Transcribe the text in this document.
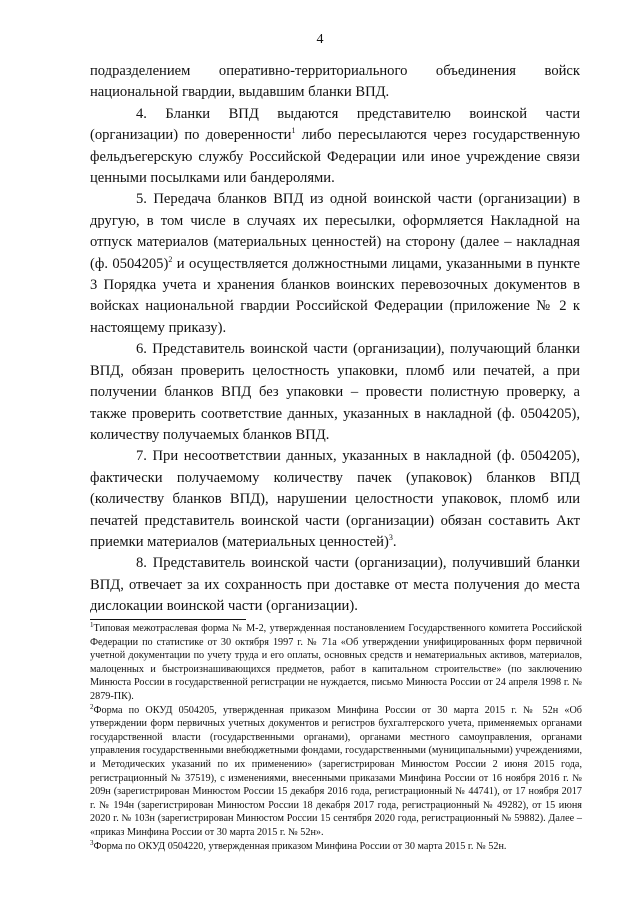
4

подразделением оперативно-территориального объединения войск национальной гвардии, выдавшим бланки ВПД.

4. Бланки ВПД выдаются представителю воинской части (организации) по доверенности$^1$ либо пересылаются через государственную фельдъегерскую службу Российской Федерации или иное учреждение связи ценными посылками или бандеролями.

5. Передача бланков ВПД из одной воинской части (организации) в другую, в том числе в случаях их пересылки, оформляется Накладной на отпуск материалов (материальных ценностей) на сторону (далее – накладная (ф. 0504205)$^2$ и осуществляется должностными лицами, указанными в пункте 3 Порядка учета и хранения бланков воинских перевозочных документов в войсках национальной гвардии Российской Федерации (приложение № 2 к настоящему приказу).

6. Представитель воинской части (организации), получающий бланки ВПД, обязан проверить целостность упаковки, пломб или печатей, а при получении бланков ВПД без упаковки – провести полистную проверку, а также проверить соответствие данных, указанных в накладной (ф. 0504205), количеству получаемых бланков ВПД.

7. При несоответствии данных, указанных в накладной (ф. 0504205), фактически получаемому количеству пачек (упаковок) бланков ВПД (количеству бланков ВПД), нарушении целостности упаковок, пломб или печатей представитель воинской части (организации) обязан составить Акт приемки материалов (материальных ценностей)$^3$.

8. Представитель воинской части (организации), получивший бланки ВПД, отвечает за их сохранность при доставке от места получения до места дислокации воинской части (организации).

$^1$Типовая межотраслевая форма № М-2, утвержденная постановлением Государственного комитета Российской Федерации по статистике от 30 октября 1997 г. № 71а «Об утверждении унифицированных форм первичной учетной документации по учету труда и его оплаты, основных средств и нематериальных активов, материалов, малоценных и быстроизнашивающихся предметов, работ в капитальном строительстве» (по заключению Минюста России в государственной регистрации не нуждается, письмо Минюста России от 24 апреля 1998 г. № 2879-ПК).

$^2$Форма по ОКУД 0504205, утвержденная приказом Минфина России от 30 марта 2015 г. № 52н «Об утверждении форм первичных учетных документов и регистров бухгалтерского учета, применяемых органами государственной власти (государственными органами), органами местного самоуправления, органами управления государственными внебюджетными фондами, государственными (муниципальными) учреждениями, и Методических указаний по их применению» (зарегистрирован Минюстом России 2 июня 2015 года, регистрационный № 37519), с изменениями, внесенными приказами Минфина России от 16 ноября 2016 г. № 209н (зарегистрирован Минюстом России 15 декабря 2016 года, регистрационный № 44741), от 17 ноября 2017 г. № 194н (зарегистрирован Минюстом России 18 декабря 2017 года, регистрационный № 49282), от 15 июня 2020 г. № 103н (зарегистрирован Минюстом России 15 сентября 2020 года, регистрационный № 59882). Далее – «приказ Минфина России от 30 марта 2015 г. № 52н».

$^3$Форма по ОКУД 0504220, утвержденная приказом Минфина России от 30 марта 2015 г. № 52н.
